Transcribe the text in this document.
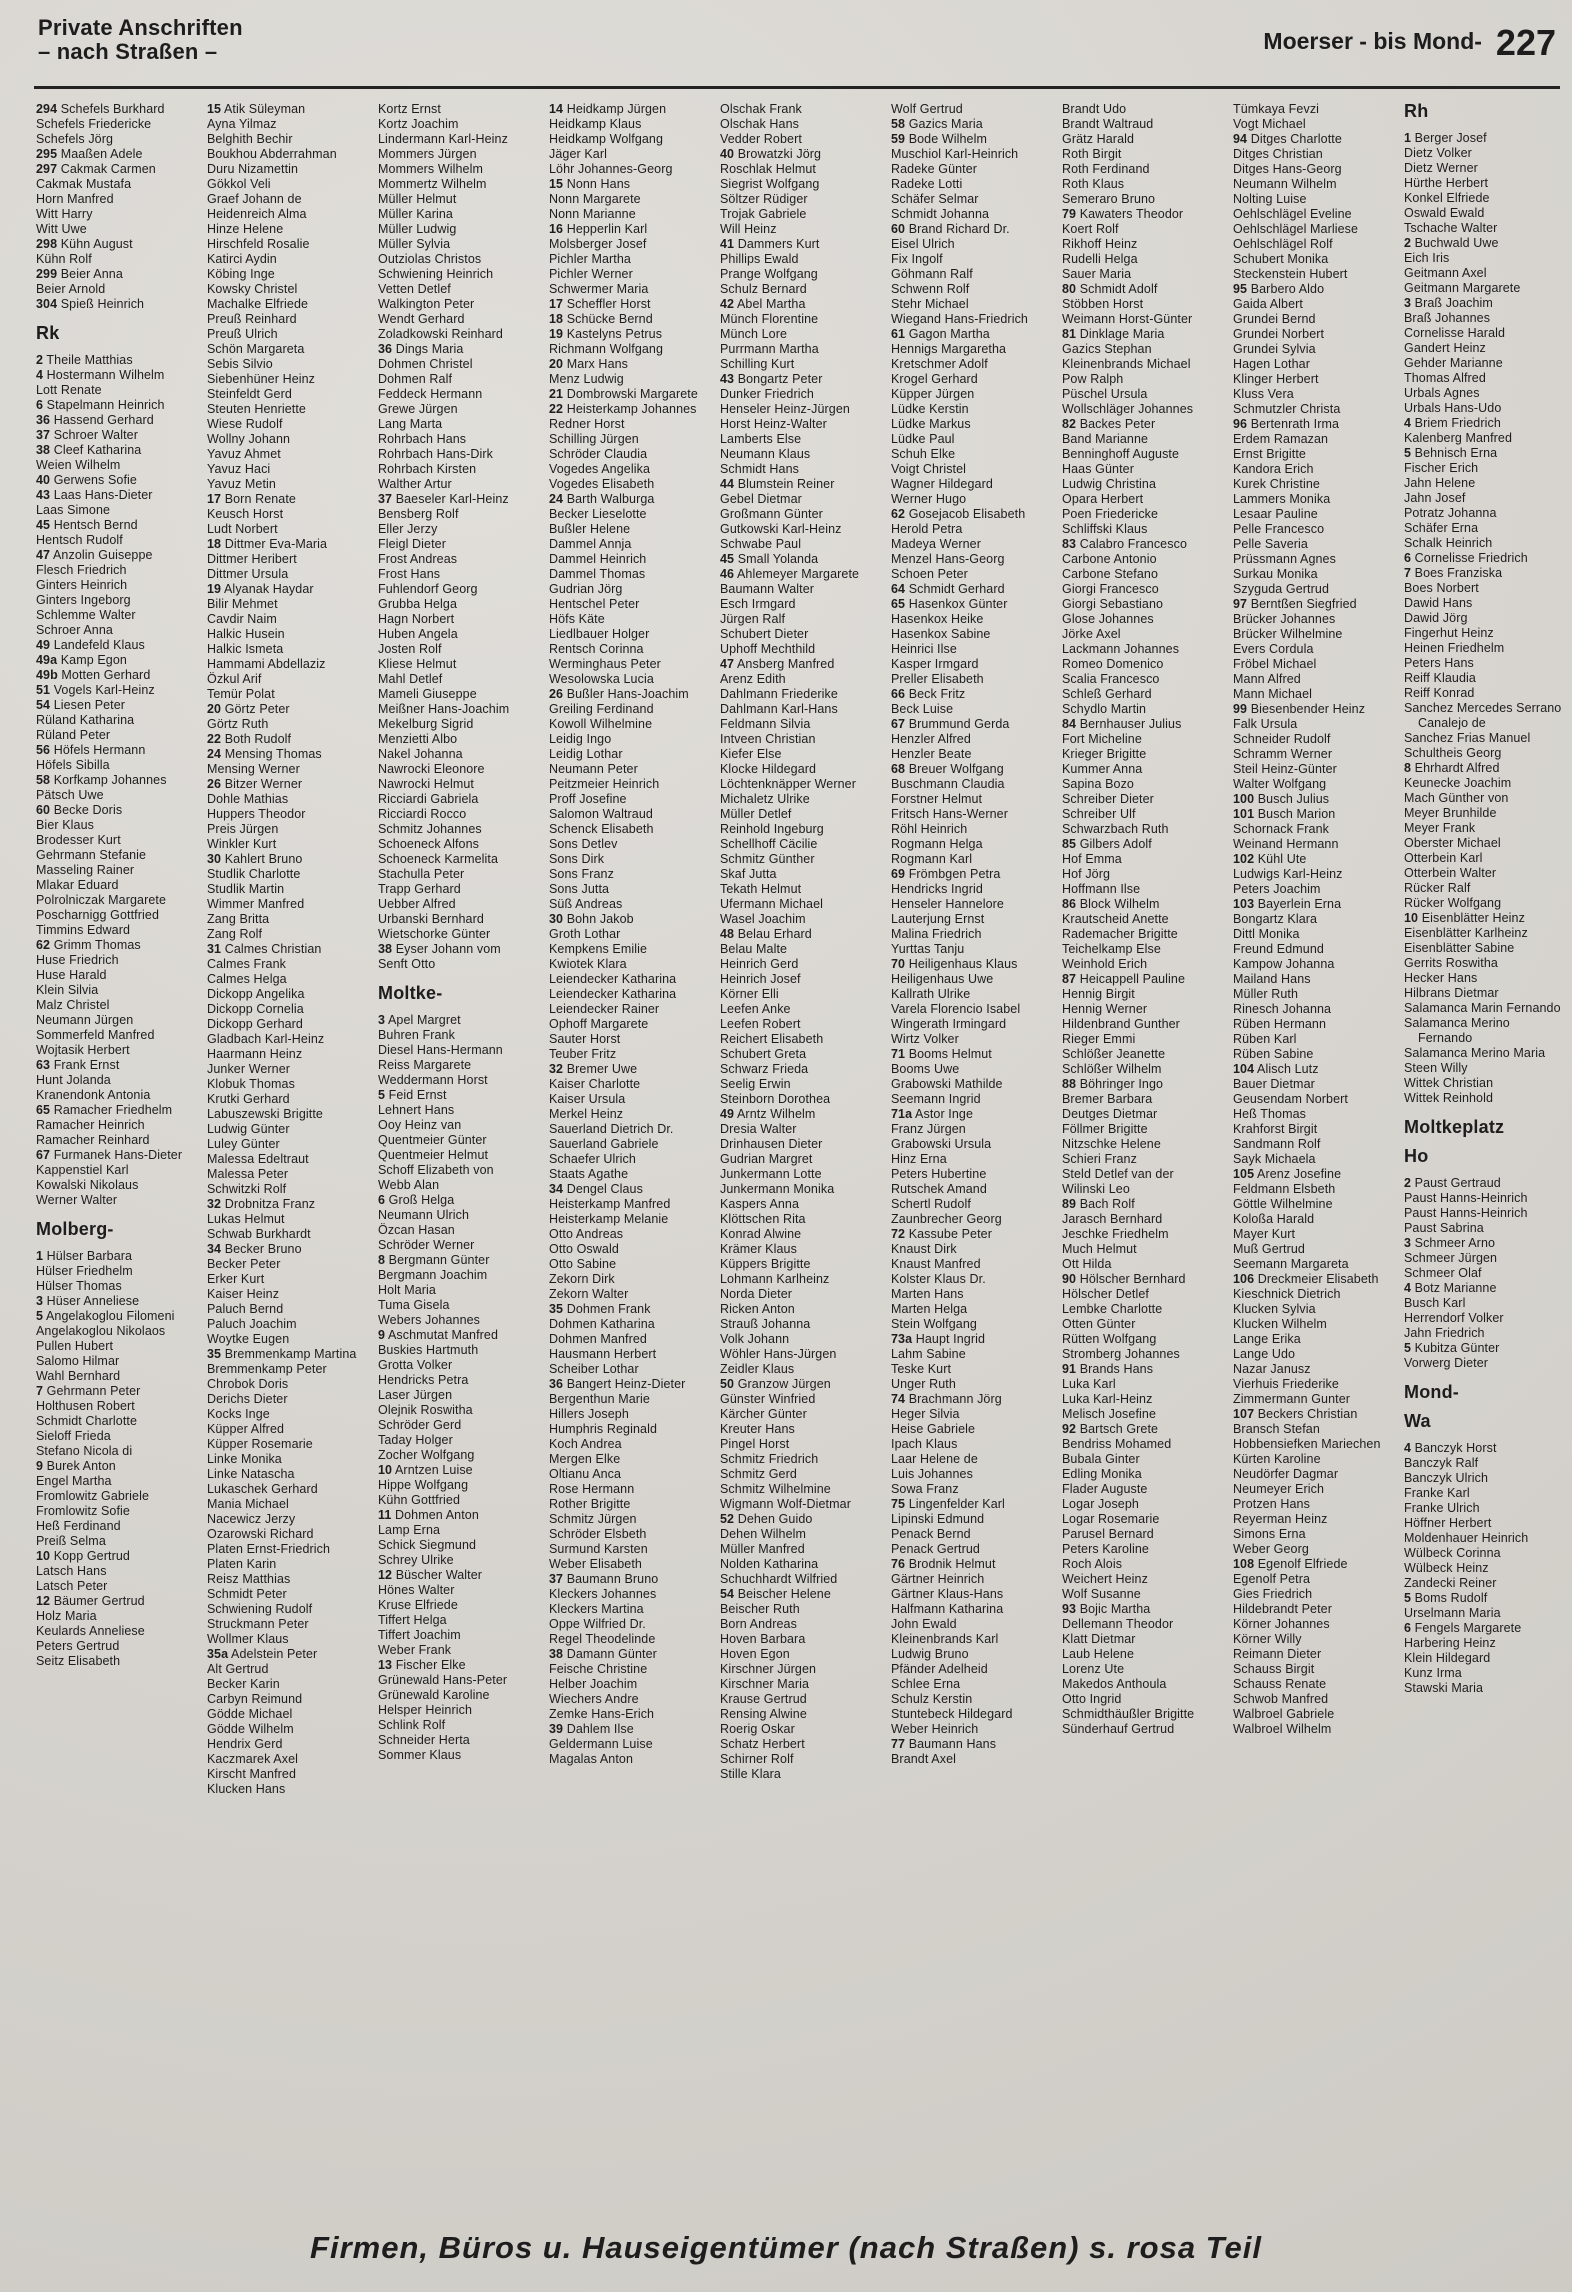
Private Anschriften
– nach Straßen –	Moerser - bis Mond- 227
294 Schefels Burkhard
Schefels Friedericke
Schefels Jörg
295 Maaßen Adele
297 Cakmak Carmen
Cakmak Mustafa
Horn Manfred
Witt Harry
Witt Uwe
298 Kühn August
Kühn Rolf
299 Beier Anna
Beier Arnold
304 Spieß Heinrich
Rk
2 Theile Matthias
4 Hostermann Wilhelm
Lott Renate
6 Stapelmann Heinrich
36 Hassend Gerhard
37 Schroer Walter
38 Cleef Katharina
Weien Wilhelm
40 Gerwens Sofie
43 Laas Hans-Dieter
Laas Simone
45 Hentsch Bernd
Hentsch Rudolf
47 Anzolin Guiseppe
Flesch Friedrich
Ginters Heinrich
Ginters Ingeborg
Schlemme Walter
Schroer Anna
49 Landefeld Klaus
49a Kamp Egon
49b Motten Gerhard
51 Vogels Karl-Heinz
54 Liesen Peter
Rüland Katharina
Rüland Peter
56 Höfels Hermann
Höfels Sibilla
58 Korfkamp Johannes
Pätsch Uwe
60 Becke Doris
Bier Klaus
Brodesser Kurt
Gehrmann Stefanie
Masseling Rainer
Mlakar Eduard
Polrolniczak Margarete
Poscharnigg Gottfried
Timmins Edward
62 Grimm Thomas
Huse Friedrich
Huse Harald
Klein Silvia
Malz Christel
Neumann Jürgen
Sommerfeld Manfred
Wojtasik Herbert
63 Frank Ernst
Hunt Jolanda
Kranendonk Antonia
65 Ramacher Friedhelm
Ramacher Heinrich
Ramacher Reinhard
67 Furmanek Hans-Dieter
Kappenstiel Karl
Kowalski Nikolaus
Werner Walter
Molberg-
1 Hülser Barbara
Hülser Friedhelm
Hülser Thomas
3 Hüser Anneliese
5 Angelakoglou Filomeni
Angelakoglou Nikolaos
Pullen Hubert
Salomo Hilmar
Wahl Bernhard
7 Gehrmann Peter
Holthusen Robert
Schmidt Charlotte
Sieloff Frieda
Stefano Nicola di
9 Burek Anton
Engel Martha
Fromlowitz Gabriele
Fromlowitz Sofie
Heß Ferdinand
Preiß Selma
10 Kopp Gertrud
Latsch Hans
Latsch Peter
12 Bäumer Gertrud
Holz Maria
Keulards Anneliese
Peters Gertrud
Seitz Elisabeth
15 Atik Süleyman
Ayna Yilmaz
Belghith Bechir
Boukhou Abderrahman
Duru Nizamettin
Gökkol Veli
Graef Johann de
Heidenreich Alma
Hinze Helene
Hirschfeld Rosalie
Katirci Aydin
Köbing Inge
Kowsky Christel
Machalke Elfriede
Preuß Reinhard
Preuß Ulrich
Schön Margareta
Sebis Silvio
Siebenhüner Heinz
Steinfeldt Gerd
Steuten Henriette
Wiese Rudolf
Wollny Johann
Yavuz Ahmet
Yavuz Haci
Yavuz Metin
17 Born Renate
Keusch Horst
Ludt Norbert
18 Dittmer Eva-Maria
Dittmer Heribert
Dittmer Ursula
19 Alyanak Haydar
Bilir Mehmet
Cavdir Naim
Halkic Husein
Halkic Ismeta
Hammami Abdellaziz
Özkul Arif
Temür Polat
20 Görtz Peter
Görtz Ruth
22 Both Rudolf
24 Mensing Thomas
Mensing Werner
26 Bitzer Werner
Dohle Mathias
Huppers Theodor
Preis Jürgen
Winkler Kurt
30 Kahlert Bruno
Studlik Charlotte
Studlik Martin
Wimmer Manfred
Zang Britta
Zang Rolf
31 Calmes Christian
Calmes Frank
Calmes Helga
Dickopp Angelika
Dickopp Cornelia
Dickopp Gerhard
Gladbach Karl-Heinz
Haarmann Heinz
Junker Werner
Klobuk Thomas
Krutki Gerhard
Labuszewski Brigitte
Ludwig Günter
Luley Günter
Malessa Edeltraut
Malessa Peter
Schwitzki Rolf
32 Drobnitza Franz
Lukas Helmut
Schwab Burkhardt
34 Becker Bruno
Becker Peter
Erker Kurt
Kaiser Heinz
Paluch Bernd
Paluch Joachim
Woytke Eugen
35 Bremmenkamp Martina
Bremmenkamp Peter
Chrobok Doris
Derichs Dieter
Kocks Inge
Küpper Alfred
Küpper Rosemarie
Linke Monika
Linke Natascha
Lukaschek Gerhard
Mania Michael
Nacewicz Jerzy
Ozarowski Richard
Platen Ernst-Friedrich
Platen Karin
Reisz Matthias
Schmidt Peter
Schwiening Rudolf
Struckmann Peter
Wollmer Klaus
35a Adelstein Peter
Alt Gertrud
Becker Karin
Carbyn Reimund
Gödde Michael
Gödde Wilhelm
Hendrix Gerd
Kaczmarek Axel
Kirscht Manfred
Klucken Hans
Kortz Ernst
Kortz Joachim
Lindermann Karl-Heinz
Mommers Jürgen
Mommers Wilhelm
Mommertz Wilhelm
Müller Helmut
Müller Karina
Müller Ludwig
Müller Sylvia
Outziolas Christos
Schwiening Heinrich
Vetten Detlef
Walkington Peter
Wendt Gerhard
Zoladkowski Reinhard
36 Dings Maria
Dohmen Christel
Dohmen Ralf
Feddeck Hermann
Grewe Jürgen
Lang Marta
Rohrbach Hans
Rohrbach Hans-Dirk
Rohrbach Kirsten
Walther Artur
37 Baeseler Karl-Heinz
Bensberg Rolf
Eller Jerzy
Fleigl Dieter
Frost Andreas
Frost Hans
Fuhlendorf Georg
Grubba Helga
Hagn Norbert
Huben Angela
Josten Rolf
Kliese Helmut
Mahl Detlef
Mameli Giuseppe
Meißner Hans-Joachim
Mekelburg Sigrid
Menzietti Albo
Nakel Johanna
Nawrocki Eleonore
Nawrocki Helmut
Ricciardi Gabriela
Ricciardi Rocco
Schmitz Johannes
Schoeneck Alfons
Schoeneck Karmelita
Stachulla Peter
Trapp Gerhard
Uebber Alfred
Urbanski Bernhard
Wietschorke Günter
38 Eyser Johann vom
Senft Otto
Moltke-
3 Apel Margret
Buhren Frank
Diesel Hans-Hermann
Reiss Margarete
Weddermann Horst
5 Feid Ernst
Lehnert Hans
Ooy Heinz van
Quentmeier Günter
Quentmeier Helmut
Schoff Elizabeth von
Webb Alan
6 Groß Helga
Neumann Ulrich
Özcan Hasan
Schröder Werner
8 Bergmann Günter
Bergmann Joachim
Holt Maria
Tuma Gisela
Webers Johannes
9 Aschmutat Manfred
Buskies Hartmuth
Grotta Volker
Hendricks Petra
Laser Jürgen
Olejnik Roswitha
Schröder Gerd
Taday Holger
Zocher Wolfgang
10 Arntzen Luise
Hippe Wolfgang
Kühn Gottfried
11 Dohmen Anton
Lamp Erna
Schick Siegmund
Schrey Ulrike
12 Büscher Walter
Hönes Walter
Kruse Elfriede
Tiffert Helga
Tiffert Joachim
Weber Frank
13 Fischer Elke
Grünewald Hans-Peter
Grünewald Karoline
Helsper Heinrich
Schlink Rolf
Schneider Herta
Sommer Klaus
14 Heidkamp Jürgen
Heidkamp Klaus
Heidkamp Wolfgang
Jäger Karl
Löhr Johannes-Georg
15 Nonn Hans
Nonn Margarete
Nonn Marianne
16 Hepperlin Karl
Molsberger Josef
Pichler Martha
Pichler Werner
Schwermer Maria
17 Scheffler Horst
18 Schücke Bernd
19 Kastelyns Petrus
Richmann Wolfgang
20 Marx Hans
Menz Ludwig
21 Dombrowski Margarete
22 Heisterkamp Johannes
Redner Horst
Schilling Jürgen
Schröder Claudia
Vogedes Angelika
Vogedes Elisabeth
24 Barth Walburga
Becker Lieselotte
Bußler Helene
Dammel Annja
Dammel Heinrich
Dammel Thomas
Gudrian Jörg
Hentschel Peter
Höfs Käte
Liedlbauer Holger
Rentsch Corinna
Werminghaus Peter
Wesolowska Lucia
26 Bußler Hans-Joachim
Greiling Ferdinand
Kowoll Wilhelmine
Leidig Ingo
Leidig Lothar
Neumann Peter
Peitzmeier Heinrich
Proff Josefine
Salomon Waltraud
Schenck Elisabeth
Sons Detlev
Sons Dirk
Sons Franz
Sons Jutta
Süß Andreas
30 Bohn Jakob
Groth Lothar
Kempkens Emilie
Kwiotek Klara
Leiendecker Katharina
Leiendecker Katharina
Leiendecker Rainer
Ophoff Margarete
Sauter Horst
Teuber Fritz
32 Bremer Uwe
Kaiser Charlotte
Kaiser Ursula
Merkel Heinz
Sauerland Dietrich Dr.
Sauerland Gabriele
Schaefer Ulrich
Staats Agathe
34 Dengel Claus
Heisterkamp Manfred
Heisterkamp Melanie
Otto Andreas
Otto Oswald
Otto Sabine
Zekorn Dirk
Zekorn Walter
35 Dohmen Frank
Dohmen Katharina
Dohmen Manfred
Hausmann Herbert
Scheiber Lothar
36 Bangert Heinz-Dieter
Bergenthun Marie
Hillers Joseph
Humphris Reginald
Koch Andrea
Mergen Elke
Oltianu Anca
Rose Hermann
Rother Brigitte
Schmitz Jürgen
Schröder Elsbeth
Surmund Karsten
Weber Elisabeth
37 Baumann Bruno
Kleckers Johannes
Kleckers Martina
Oppe Wilfried Dr.
Regel Theodelinde
38 Damann Günter
Feische Christine
Helber Joachim
Wiechers Andre
Zemke Hans-Erich
39 Dahlem Ilse
Geldermann Luise
Magalas Anton
Olschak Frank
Olschak Hans
Vedder Robert
40 Browatzki Jörg
Roschlak Helmut
Siegrist Wolfgang
Söltzer Rüdiger
Trojak Gabriele
Will Heinz
41 Dammers Kurt
Phillips Ewald
Prange Wolfgang
Schulz Bernard
42 Abel Martha
Münch Florentine
Münch Lore
Purrmann Martha
Schilling Kurt
43 Bongartz Peter
Dunker Friedrich
Henseler Heinz-Jürgen
Horst Heinz-Walter
Lamberts Else
Neumann Klaus
Schmidt Hans
44 Blumstein Reiner
Gebel Dietmar
Großmann Günter
Gutkowski Karl-Heinz
Schwabe Paul
45 Small Yolanda
46 Ahlemeyer Margarete
Baumann Walter
Esch Irmgard
Jürgen Ralf
Schubert Dieter
Uphoff Mechthild
47 Ansberg Manfred
Arenz Edith
Dahlmann Friederike
Dahlmann Karl-Hans
Feldmann Silvia
Intveen Christian
Kiefer Else
Klocke Hildegard
Löchtenknäpper Werner
Michaletz Ulrike
Müller Detlef
Reinhold Ingeburg
Schellhoff Cäcilie
Schmitz Günther
Skaf Jutta
Tekath Helmut
Ufermann Michael
Wasel Joachim
48 Belau Erhard
Belau Malte
Heinrich Gerd
Heinrich Josef
Körner Elli
Leefen Anke
Leefen Robert
Reichert Elisabeth
Schubert Greta
Schwarz Frieda
Seelig Erwin
Steinborn Dorothea
49 Arntz Wilhelm
Dresia Walter
Drinhausen Dieter
Gudrian Margret
Junkermann Lotte
Junkermann Monika
Kaspers Anna
Klöttschen Rita
Konrad Alwine
Krämer Klaus
Küppers Brigitte
Lohmann Karlheinz
Norda Dieter
Ricken Anton
Strauß Johanna
Volk Johann
Wöhler Hans-Jürgen
Zeidler Klaus
50 Granzow Jürgen
Günster Winfried
Kärcher Günter
Kreuter Hans
Pingel Horst
Schmitz Friedrich
Schmitz Gerd
Schmitz Wilhelmine
Wigmann Wolf-Dietmar
52 Dehen Guido
Dehen Wilhelm
Müller Manfred
Nolden Katharina
Schuchhardt Wilfried
54 Beischer Helene
Beischer Ruth
Born Andreas
Hoven Barbara
Hoven Egon
Kirschner Jürgen
Kirschner Maria
Krause Gertrud
Rensing Alwine
Roerig Oskar
Schatz Herbert
Schirner Rolf
Stille Klara
Wolf Gertrud
58 Gazics Maria
59 Bode Wilhelm
Muschiol Karl-Heinrich
Radeke Günter
Radeke Lotti
Schäfer Selmar
Schmidt Johanna
60 Brand Richard Dr.
Eisel Ulrich
Fix Ingolf
Göhmann Ralf
Schwenn Rolf
Stehr Michael
Wiegand Hans-Friedrich
61 Gagon Martha
Hennigs Margaretha
Kretschmer Adolf
Krogel Gerhard
Küpper Jürgen
Lüdke Kerstin
Lüdke Markus
Lüdke Paul
Schuh Elke
Voigt Christel
Wagner Hildegard
Werner Hugo
62 Gosejacob Elisabeth
Herold Petra
Madeya Werner
Menzel Hans-Georg
Schoen Peter
64 Schmidt Gerhard
65 Hasenkox Günter
Hasenkox Heike
Hasenkox Sabine
Heinrici Ilse
Kasper Irmgard
Preller Elisabeth
66 Beck Fritz
Beck Luise
67 Brummund Gerda
Henzler Alfred
Henzler Beate
68 Breuer Wolfgang
Buschmann Claudia
Forstner Helmut
Fritsch Hans-Werner
Röhl Heinrich
Rogmann Helga
Rogmann Karl
69 Frömbgen Petra
Hendricks Ingrid
Henseler Hannelore
Lauterjung Ernst
Malina Friedrich
Yurttas Tanju
70 Heiligenhaus Klaus
Heiligenhaus Uwe
Kallrath Ulrike
Varela Florencio Isabel
Wingerath Irmingard
Wirtz Volker
71 Booms Helmut
Booms Uwe
Grabowski Mathilde
Seemann Ingrid
71a Astor Inge
Franz Jürgen
Grabowski Ursula
Hinz Erna
Peters Hubertine
Rutschek Amand
Schertl Rudolf
Zaunbrecher Georg
72 Kassube Peter
Knaust Dirk
Knaust Manfred
Kolster Klaus Dr.
Marten Hans
Marten Helga
Stein Wolfgang
73a Haupt Ingrid
Lahm Sabine
Teske Kurt
Unger Ruth
74 Brachmann Jörg
Heger Silvia
Heise Gabriele
Ipach Klaus
Laar Helene de
Luis Johannes
Sowa Franz
75 Lingenfelder Karl
Lipinski Edmund
Penack Bernd
Penack Gertrud
76 Brodnik Helmut
Gärtner Heinrich
Gärtner Klaus-Hans
Halfmann Katharina
John Ewald
Kleinenbrands Karl
Ludwig Bruno
Pfänder Adelheid
Schlee Erna
Schulz Kerstin
Stuntebeck Hildegard
Weber Heinrich
77 Baumann Hans
Brandt Axel
Brandt Udo
Brandt Waltraud
Grätz Harald
Roth Birgit
Roth Ferdinand
Roth Klaus
Semeraro Bruno
79 Kawaters Theodor
Koert Rolf
Rikhoff Heinz
Rudelli Helga
Sauer Maria
80 Schmidt Adolf
Stöbben Horst
Weimann Horst-Günter
81 Dinklage Maria
Gazics Stephan
Kleinenbrands Michael
Pow Ralph
Püschel Ursula
Wollschläger Johannes
82 Backes Peter
Band Marianne
Benninghoff Auguste
Haas Günter
Ludwig Christina
Opara Herbert
Poen Friedericke
Schliffski Klaus
83 Calabro Francesco
Carbone Antonio
Carbone Stefano
Giorgi Francesco
Giorgi Sebastiano
Glose Johannes
Jörke Axel
Lackmann Johannes
Romeo Domenico
Scalia Francesco
Schleß Gerhard
Schydlo Martin
84 Bernhauser Julius
Fort Micheline
Krieger Brigitte
Kummer Anna
Sapina Bozo
Schreiber Dieter
Schreiber Ulf
Schwarzbach Ruth
85 Gilbers Adolf
Hof Emma
Hof Jörg
Hoffmann Ilse
86 Block Wilhelm
Krautscheid Anette
Rademacher Brigitte
Teichelkamp Else
Weinhold Erich
87 Heicappell Pauline
Hennig Birgit
Hennig Werner
Hildenbrand Gunther
Rieger Emmi
Schlößer Jeanette
Schlößer Wilhelm
88 Böhringer Ingo
Bremer Barbara
Deutges Dietmar
Föllmer Brigitte
Nitzschke Helene
Schieri Franz
Steld Detlef van der
Wilinski Leo
89 Bach Rolf
Jarasch Bernhard
Jeschke Friedhelm
Much Helmut
Ott Hilda
90 Hölscher Bernhard
Hölscher Detlef
Lembke Charlotte
Otten Günter
Rütten Wolfgang
Stromberg Johannes
91 Brands Hans
Luka Karl
Luka Karl-Heinz
Melisch Josefine
92 Bartsch Grete
Bendriss Mohamed
Bubala Ginter
Edling Monika
Flader Auguste
Logar Joseph
Logar Rosemarie
Parusel Bernard
Peters Karoline
Roch Alois
Weichert Heinz
Wolf Susanne
93 Bojic Martha
Dellemann Theodor
Klatt Dietmar
Laub Helene
Lorenz Ute
Makedos Anthoula
Otto Ingrid
Schmidthäußler Brigitte
Sünderhauf Gertrud
Tümkaya Fevzi
Vogt Michael
94 Ditges Charlotte
Ditges Christian
Ditges Hans-Georg
Neumann Wilhelm
Nolting Luise
Oehlschlägel Eveline
Oehlschlägel Marliese
Oehlschlägel Rolf
Schubert Monika
Steckenstein Hubert
95 Barbero Aldo
Gaida Albert
Grundei Bernd
Grundei Norbert
Grundei Sylvia
Hagen Lothar
Klinger Herbert
Kluss Vera
Schmutzler Christa
96 Bertenrath Irma
Erdem Ramazan
Ernst Brigitte
Kandora Erich
Kurek Christine
Lammers Monika
Lesaar Pauline
Pelle Francesco
Pelle Saveria
Prüssmann Agnes
Surkau Monika
Szyguda Gertrud
97 Berntßen Siegfried
Brücker Johannes
Brücker Wilhelmine
Evers Cordula
Fröbel Michael
Mann Alfred
Mann Michael
99 Biesenbender Heinz
Falk Ursula
Schneider Rudolf
Schramm Werner
Steil Heinz-Günter
Walter Wolfgang
100 Busch Julius
101 Busch Marion
Schornack Frank
Weinand Hermann
102 Kühl Ute
Ludwigs Karl-Heinz
Peters Joachim
103 Bayerlein Erna
Bongartz Klara
Dittl Monika
Freund Edmund
Kampow Johanna
Mailand Hans
Müller Ruth
Rinesch Johanna
Rüben Hermann
Rüben Karl
Rüben Sabine
104 Alisch Lutz
Bauer Dietmar
Geusendam Norbert
Heß Thomas
Krahforst Birgit
Sandmann Rolf
Sayk Michaela
105 Arenz Josefine
Feldmann Elsbeth
Göttle Wilhelmine
Koloßa Harald
Mayer Kurt
Muß Gertrud
Seemann Margareta
106 Dreckmeier Elisabeth
Kieschnick Dietrich
Klucken Sylvia
Klucken Wilhelm
Lange Erika
Lange Udo
Nazar Janusz
Vierhuis Friederike
Zimmermann Gunter
107 Beckers Christian
Bransch Stefan
Hobbensiefken Mariechen
Kürten Karoline
Neudörfer Dagmar
Neumeyer Erich
Protzen Hans
Reyerman Heinz
Simons Erna
Weber Georg
108 Egenolf Elfriede
Egenolf Petra
Gies Friedrich
Hildebrandt Peter
Körner Johannes
Körner Willy
Reimann Dieter
Schauss Birgit
Schauss Renate
Schwob Manfred
Walbroel Gabriele
Walbroel Wilhelm
Rh
1 Berger Josef
Dietz Volker
Dietz Werner
Hürthe Herbert
Konkel Elfriede
Oswald Ewald
Tschache Walter
2 Buchwald Uwe
Eich Iris
Geitmann Axel
Geitmann Margarete
3 Braß Joachim
Braß Johannes
Cornelisse Harald
Gandert Heinz
Gehder Marianne
Thomas Alfred
Urbals Agnes
Urbals Hans-Udo
4 Briem Friedrich
Kalenberg Manfred
5 Behnisch Erna
Fischer Erich
Jahn Helene
Jahn Josef
Potratz Johanna
Schäfer Erna
Schalk Heinrich
6 Cornelisse Friedrich
7 Boes Franziska
Boes Norbert
Dawid Hans
Dawid Jörg
Fingerhut Heinz
Heinen Friedhelm
Peters Hans
Reiff Klaudia
Reiff Konrad
Sanchez Mercedes Serrano Canalejo de
Sanchez Frias Manuel
Schultheis Georg
8 Ehrhardt Alfred
Keunecke Joachim
Mach Günther von
Meyer Brunhilde
Meyer Frank
Oberster Michael
Otterbein Karl
Otterbein Walter
Rücker Ralf
Rücker Wolfgang
10 Eisenblätter Heinz
Eisenblätter Karlheinz
Eisenblätter Sabine
Gerrits Roswitha
Hecker Hans
Hilbrans Dietmar
Salamanca Marin Fernando
Salamanca Merino Fernando
Salamanca Merino Maria
Steen Willy
Wittek Christian
Wittek Reinhold
Moltkeplatz
Ho
2 Paust Gertraud
Paust Hanns-Heinrich
Paust Hanns-Heinrich
Paust Sabrina
3 Schmeer Arno
Schmeer Jürgen
Schmeer Olaf
4 Botz Marianne
Busch Karl
Herrendorf Volker
Jahn Friedrich
5 Kubitza Günter
Vorwerg Dieter
Mond-
Wa
4 Banczyk Horst
Banczyk Ralf
Banczyk Ulrich
Franke Karl
Franke Ulrich
Höffner Herbert
Moldenhauer Heinrich
Wülbeck Corinna
Wülbeck Heinz
Zandecki Reiner
5 Boms Rudolf
Urselmann Maria
6 Fengels Margarete
Harbering Heinz
Klein Hildegard
Kunz Irma
Stawski Maria
Firmen, Büros u. Hauseigentümer (nach Straßen) s. rosa Teil
